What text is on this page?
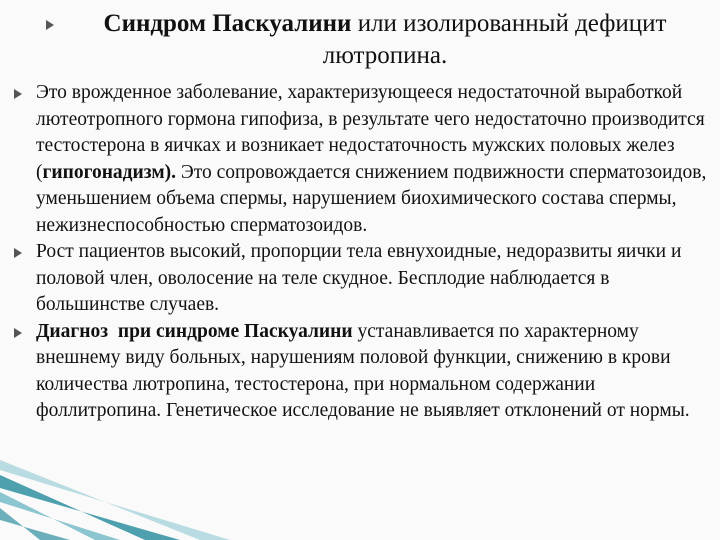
Синдром Паскуалини или изолированный дефицит лютропина.
Это врожденное заболевание, характеризующееся недостаточной выработкой лютеотропного гормона гипофиза, в результате чего недостаточно производится тестостерона в яичках и возникает недостаточность мужских половых желез (гипогонадизм). Это сопровождается снижением подвижности сперматозоидов, уменьшением объема спермы, нарушением биохимического состава спермы, нежизнеспособностью сперматозоидов.
Рост пациентов высокий, пропорции тела евнухоидные, недоразвиты яички и половой член, оволосение на теле скудное. Бесплодие наблюдается в большинстве случаев.
Диагноз  при синдроме Паскуалини устанавливается по характерному внешнему виду больных, нарушениям половой функции, снижению в крови количества лютропина, тестостерона, при нормальном содержании фоллитропина. Генетическое исследование не выявляет отклонений от нормы.
